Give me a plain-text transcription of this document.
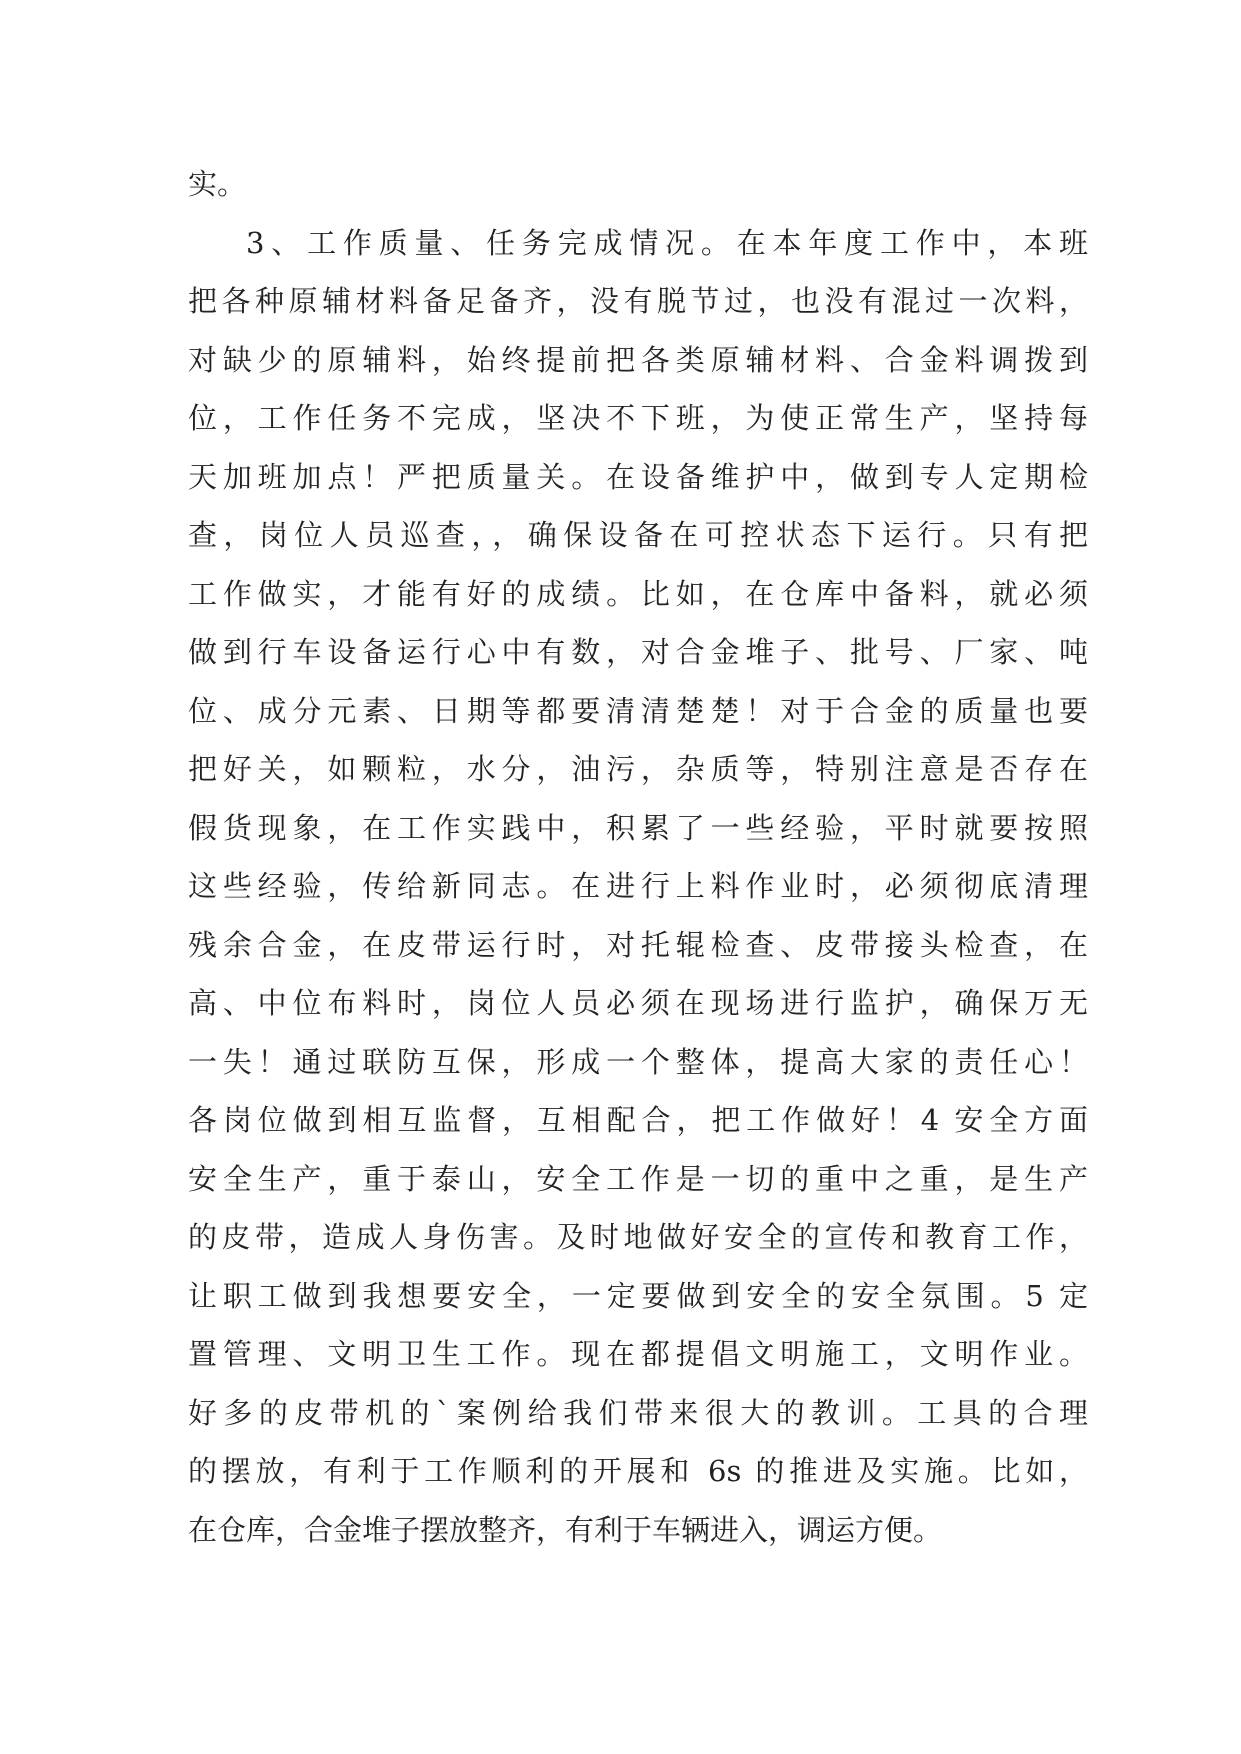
实。
3、工作质量、任务完成情况。在本年度工作中，本班
把各种原辅材料备足备齐，没有脱节过，也没有混过一次料，
对缺少的原辅料，始终提前把各类原辅材料、合金料调拨到
位，工作任务不完成，坚决不下班，为使正常生产，坚持每
天加班加点！严把质量关。在设备维护中，做到专人定期检
查，岗位人员巡查，，确保设备在可控状态下运行。只有把
工作做实，才能有好的成绩。比如，在仓库中备料，就必须
做到行车设备运行心中有数，对合金堆子、批号、厂家、吨
位、成分元素、日期等都要清清楚楚！对于合金的质量也要
把好关，如颗粒，水分，油污，杂质等，特别注意是否存在
假货现象，在工作实践中，积累了一些经验，平时就要按照
这些经验，传给新同志。在进行上料作业时，必须彻底清理
残余合金，在皮带运行时，对托辊检查、皮带接头检查，在
高、中位布料时，岗位人员必须在现场进行监护，确保万无
一失！通过联防互保，形成一个整体，提高大家的责任心！
各岗位做到相互监督，互相配合，把工作做好！4 安全方面
安全生产，重于泰山，安全工作是一切的重中之重，是生产
的皮带，造成人身伤害。及时地做好安全的宣传和教育工作，
让职工做到我想要安全，一定要做到安全的安全氛围。5 定
置管理、文明卫生工作。现在都提倡文明施工，文明作业。
好多的皮带机的`案例给我们带来很大的教训。工具的合理
的摆放，有利于工作顺利的开展和 6s 的推进及实施。比如，
在仓库，合金堆子摆放整齐，有利于车辆进入，调运方便。
